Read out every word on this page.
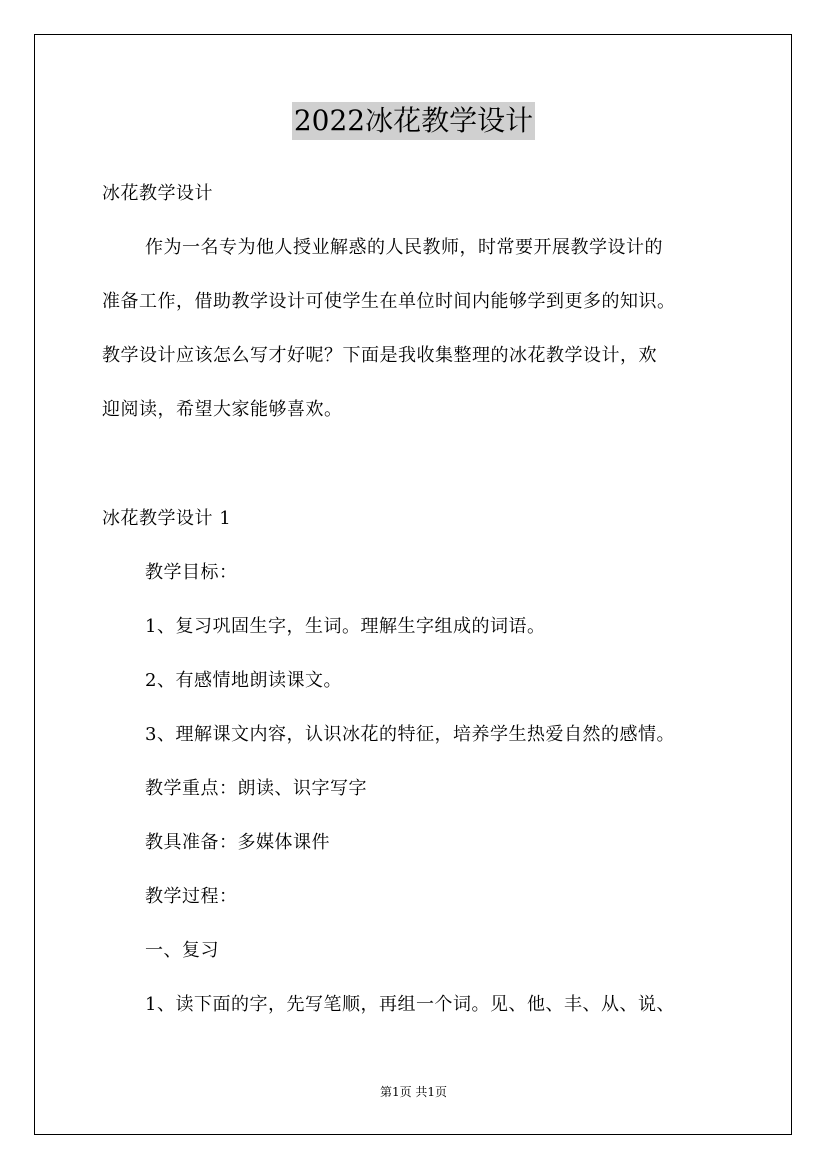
2022冰花教学设计
冰花教学设计
作为一名专为他人授业解惑的人民教师，时常要开展教学设计的
准备工作，借助教学设计可使学生在单位时间内能够学到更多的知识。
教学设计应该怎么写才好呢？下面是我收集整理的冰花教学设计，欢
迎阅读，希望大家能够喜欢。
冰花教学设计 1
教学目标：
1、复习巩固生字，生词。理解生字组成的词语。
2、有感情地朗读课文。
3、理解课文内容，认识冰花的特征，培养学生热爱自然的感情。
教学重点：朗读、识字写字
教具准备：多媒体课件
教学过程：
一、复习
1、读下面的字，先写笔顺，再组一个词。见、他、丰、从、说、
第1页 共1页
